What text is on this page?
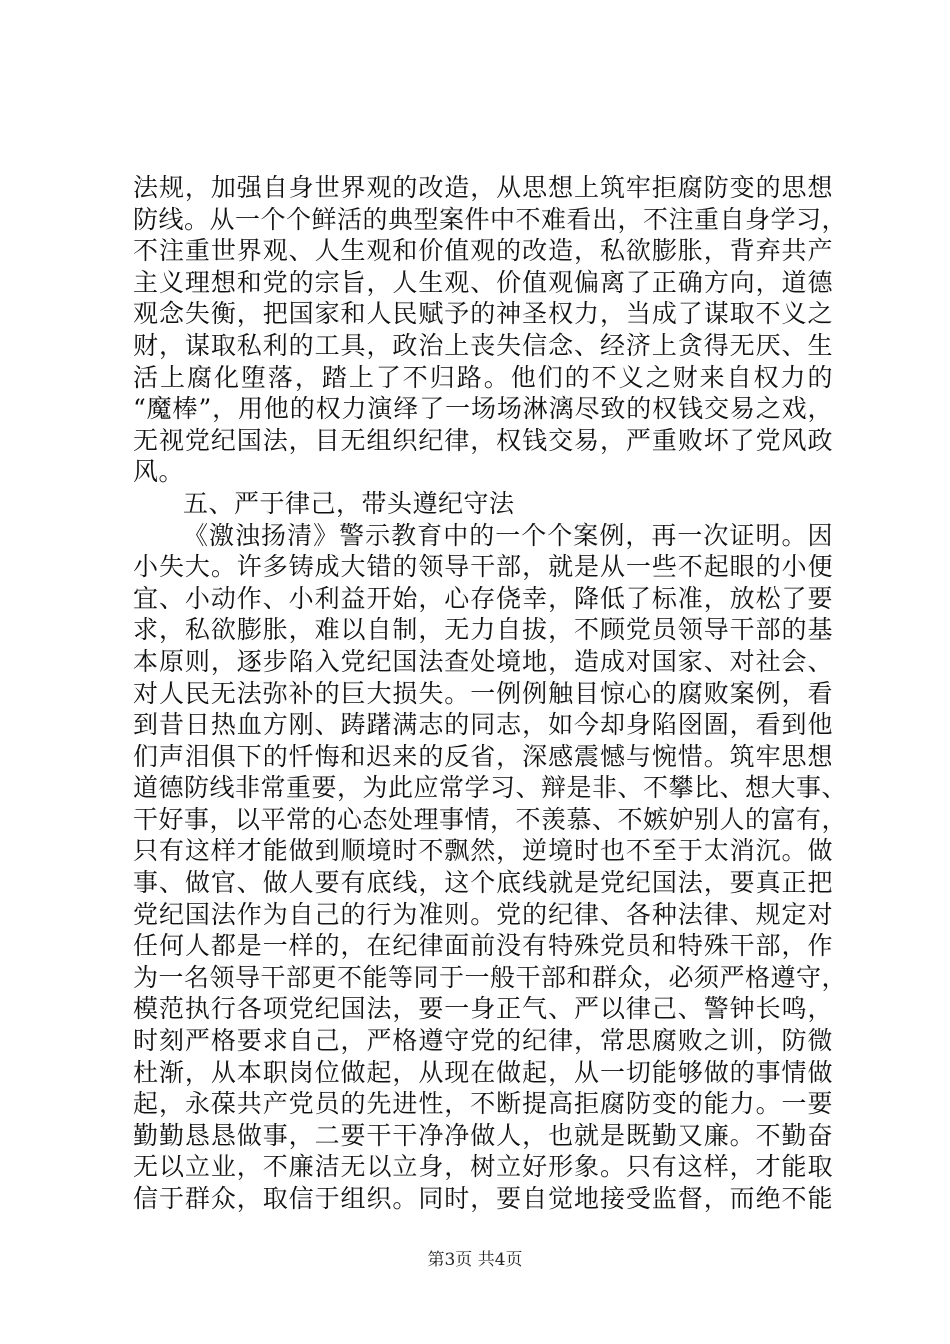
法规，加强自身世界观的改造，从思想上筑牢拒腐防变的思想
防线。从一个个鲜活的典型案件中不难看出，不注重自身学习，
不注重世界观、人生观和价值观的改造，私欲膨胀，背弃共产
主义理想和党的宗旨，人生观、价值观偏离了正确方向，道德
观念失衡，把国家和人民赋予的神圣权力，当成了谋取不义之
财，谋取私利的工具，政治上丧失信念、经济上贪得无厌、生
活上腐化堕落，踏上了不归路。他们的不义之财来自权力的
“魔棒”，用他的权力演绎了一场场淋漓尽致的权钱交易之戏，
无视党纪国法，目无组织纪律，权钱交易，严重败坏了党风政
风。
五、严于律己，带头遵纪守法
《激浊扬清》警示教育中的一个个案例，再一次证明。因
小失大。许多铸成大错的领导干部，就是从一些不起眼的小便
宜、小动作、小利益开始，心存侥幸，降低了标准，放松了要
求，私欲膨胀，难以自制，无力自拔，不顾党员领导干部的基
本原则，逐步陷入党纪国法查处境地，造成对国家、对社会、
对人民无法弥补的巨大损失。一例例触目惊心的腐败案例，看
到昔日热血方刚、踌躇满志的同志，如今却身陷囹圄，看到他
们声泪俱下的忏悔和迟来的反省，深感震憾与惋惜。筑牢思想
道德防线非常重要，为此应常学习、辩是非、不攀比、想大事、
干好事，以平常的心态处理事情，不羡慕、不嫉妒别人的富有，
只有这样才能做到顺境时不飘然，逆境时也不至于太消沉。做
事、做官、做人要有底线，这个底线就是党纪国法，要真正把
党纪国法作为自己的行为准则。党的纪律、各种法律、规定对
任何人都是一样的，在纪律面前没有特殊党员和特殊干部，作
为一名领导干部更不能等同于一般干部和群众，必须严格遵守，
模范执行各项党纪国法，要一身正气、严以律己、警钟长鸣，
时刻严格要求自己，严格遵守党的纪律，常思腐败之训，防微
杜渐，从本职岗位做起，从现在做起，从一切能够做的事情做
起，永葆共产党员的先进性，不断提高拒腐防变的能力。一要
勤勤恳恳做事，二要干干净净做人，也就是既勤又廉。不勤奋
无以立业，不廉洁无以立身，树立好形象。只有这样，才能取
信于群众，取信于组织。同时，要自觉地接受监督，而绝不能
第3页 共4页
